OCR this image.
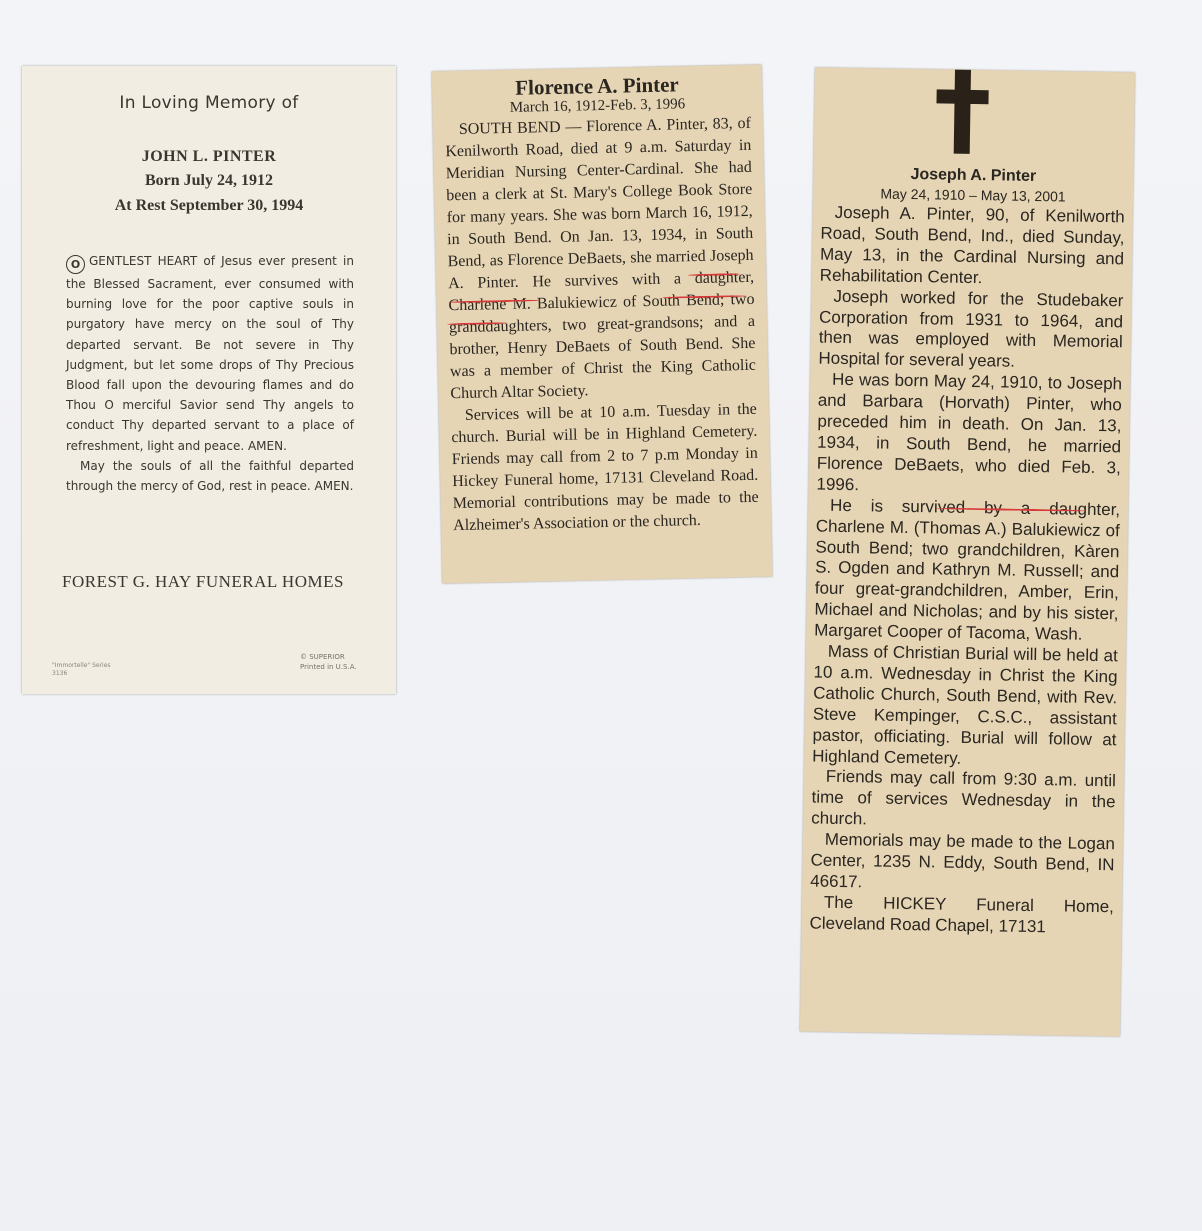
In Loving Memory of
JOHN L. PINTER
Born July 24, 1912
At Rest September 30, 1994

O GENTLEST HEART of Jesus ever present in the Blessed Sacrament, ever consumed with burning love for the poor captive souls in purgatory have mercy on the soul of Thy departed servant. Be not severe in Thy Judgment, but let some drops of Thy Precious Blood fall upon the devouring flames and do Thou O merciful Savior send Thy angels to conduct Thy departed servant to a place of refreshment, light and peace. AMEN.

May the souls of all the faithful departed through the mercy of God, rest in peace. AMEN.

FOREST G. HAY FUNERAL HOMES
"Immortelle" Series
3136
© SUPERIOR
Printed in U.S.A.
Florence A. Pinter
March 16, 1912-Feb. 3, 1996

SOUTH BEND — Florence A. Pinter, 83, of Kenilworth Road, died at 9 a.m. Saturday in Meridian Nursing Center-Cardinal. She had been a clerk at St. Mary's College Book Store for many years. She was born March 16, 1912, in South Bend. On Jan. 13, 1934, in South Bend, as Florence DeBaets, she married Joseph A. Pinter. He survives with a daughter, Charlene M. Balukiewicz of South Bend; two granddaughters, two great-grandsons; and a brother, Henry DeBaets of South Bend. She was a member of Christ the King Catholic Church Altar Society.

Services will be at 10 a.m. Tuesday in the church. Burial will be in Highland Cemetery. Friends may call from 2 to 7 p.m Monday in Hickey Funeral home, 17131 Cleveland Road. Memorial contributions may be made to the Alzheimer's Association or the church.

Joseph A. Pinter
May 24, 1910 – May 13, 2001

Joseph A. Pinter, 90, of Kenilworth Road, South Bend, Ind., died Sunday, May 13, in the Cardinal Nursing and Rehabilitation Center.

Joseph worked for the Studebaker Corporation from 1931 to 1964, and then was employed with Memorial Hospital for several years.

He was born May 24, 1910, to Joseph and Barbara (Horvath) Pinter, who preceded him in death. On Jan. 13, 1934, in South Bend, he married Florence DeBaets, who died Feb. 3, 1996.

He is survived by a daughter, Charlene M. (Thomas A.) Balukiewicz of South Bend; two grandchildren, Kàren S. Ogden and Kathryn M. Russell; and four great-grandchildren, Amber, Erin, Michael and Nicholas; and by his sister, Margaret Cooper of Tacoma, Wash.

Mass of Christian Burial will be held at 10 a.m. Wednesday in Christ the King Catholic Church, South Bend, with Rev. Steve Kempinger, C.S.C., assistant pastor, officiating. Burial will follow at Highland Cemetery.

Friends may call from 9:30 a.m. until time of services Wednesday in the church.

Memorials may be made to the Logan Center, 1235 N. Eddy, South Bend, IN 46617.

The HICKEY Funeral Home, Cleveland Road Chapel, 17131
